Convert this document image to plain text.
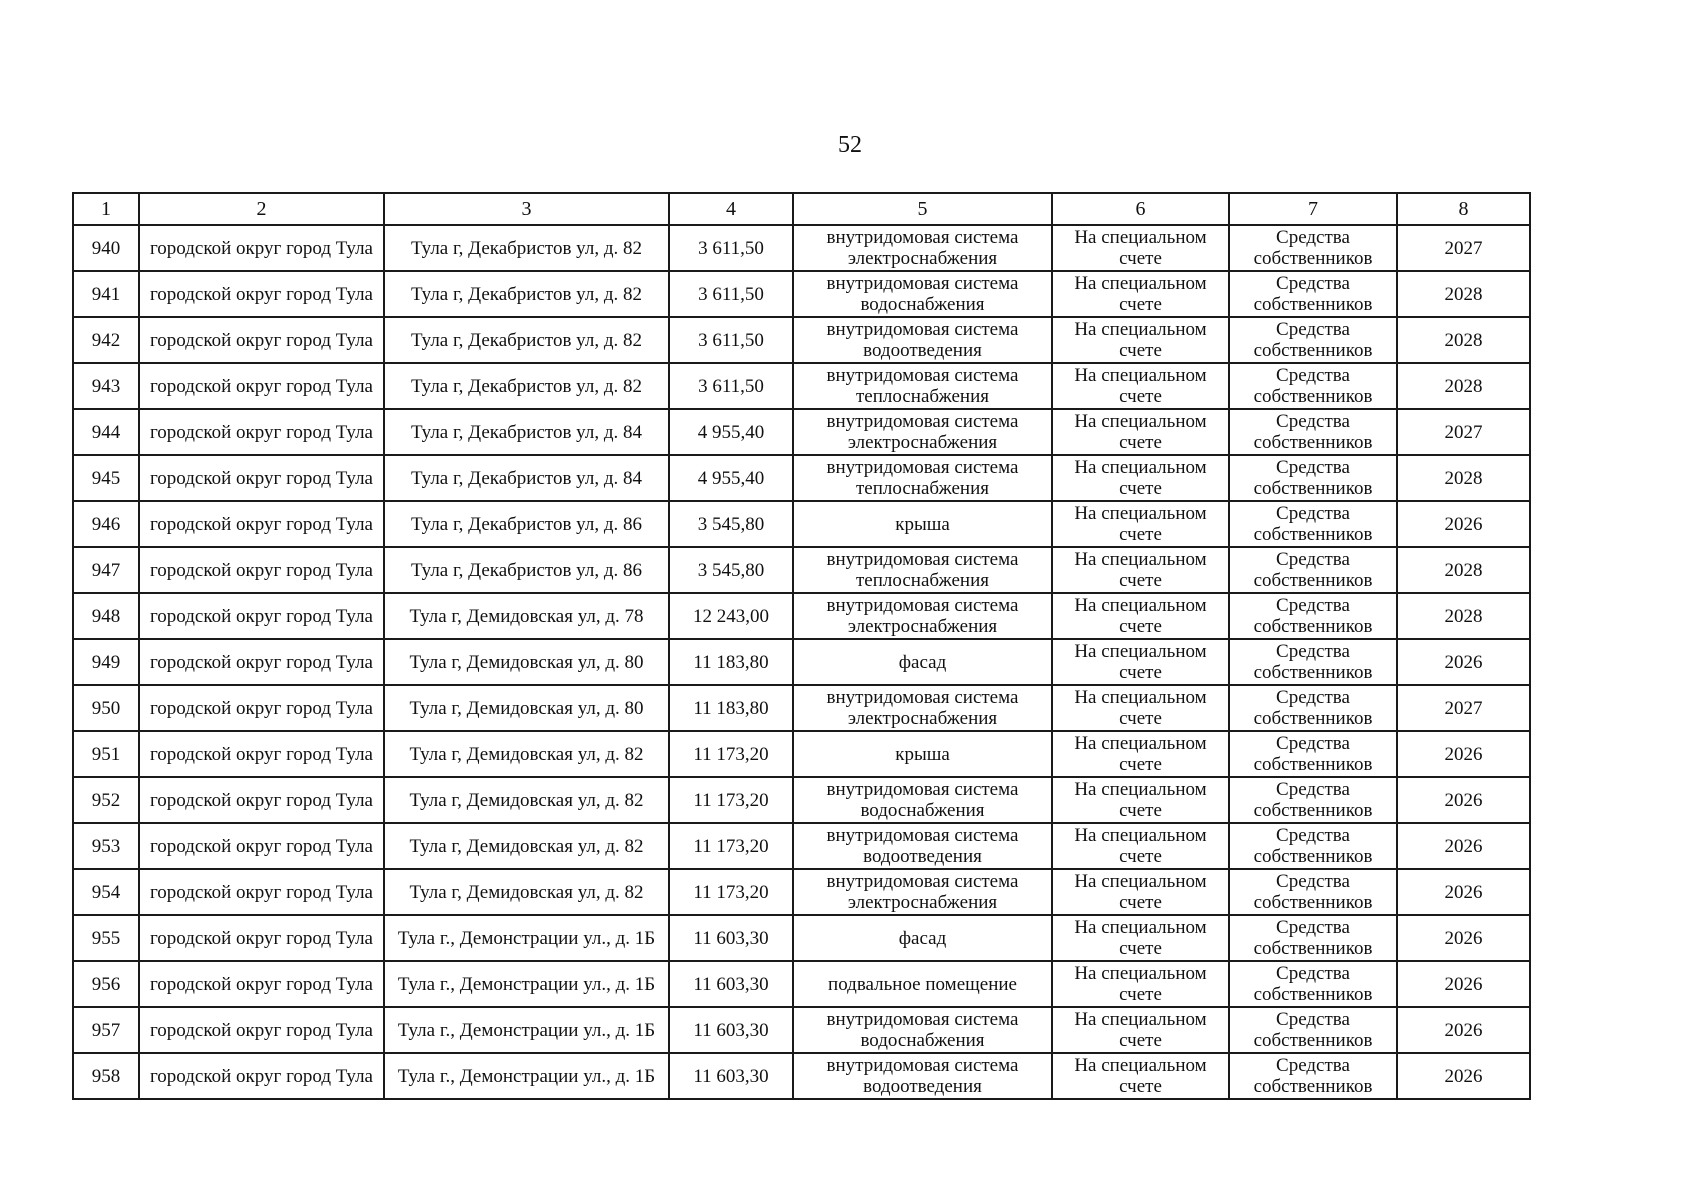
52
1	2	3	4	5	6	7	8
940	городской округ город Тула	Тула г, Декабристов ул, д. 82	3 611,50	внутридомовая система электроснабжения	На специальном счете	Средства собственников	2027
941	городской округ город Тула	Тула г, Декабристов ул, д. 82	3 611,50	внутридомовая система водоснабжения	На специальном счете	Средства собственников	2028
942	городской округ город Тула	Тула г, Декабристов ул, д. 82	3 611,50	внутридомовая система водоотведения	На специальном счете	Средства собственников	2028
943	городской округ город Тула	Тула г, Декабристов ул, д. 82	3 611,50	внутридомовая система теплоснабжения	На специальном счете	Средства собственников	2028
944	городской округ город Тула	Тула г, Декабристов ул, д. 84	4 955,40	внутридомовая система электроснабжения	На специальном счете	Средства собственников	2027
945	городской округ город Тула	Тула г, Декабристов ул, д. 84	4 955,40	внутридомовая система теплоснабжения	На специальном счете	Средства собственников	2028
946	городской округ город Тула	Тула г, Декабристов ул, д. 86	3 545,80	крыша	На специальном счете	Средства собственников	2026
947	городской округ город Тула	Тула г, Декабристов ул, д. 86	3 545,80	внутридомовая система теплоснабжения	На специальном счете	Средства собственников	2028
948	городской округ город Тула	Тула г, Демидовская ул, д. 78	12 243,00	внутридомовая система электроснабжения	На специальном счете	Средства собственников	2028
949	городской округ город Тула	Тула г, Демидовская ул, д. 80	11 183,80	фасад	На специальном счете	Средства собственников	2026
950	городской округ город Тула	Тула г, Демидовская ул, д. 80	11 183,80	внутридомовая система электроснабжения	На специальном счете	Средства собственников	2027
951	городской округ город Тула	Тула г, Демидовская ул, д. 82	11 173,20	крыша	На специальном счете	Средства собственников	2026
952	городской округ город Тула	Тула г, Демидовская ул, д. 82	11 173,20	внутридомовая система водоснабжения	На специальном счете	Средства собственников	2026
953	городской округ город Тула	Тула г, Демидовская ул, д. 82	11 173,20	внутридомовая система водоотведения	На специальном счете	Средства собственников	2026
954	городской округ город Тула	Тула г, Демидовская ул, д. 82	11 173,20	внутридомовая система электроснабжения	На специальном счете	Средства собственников	2026
955	городской округ город Тула	Тула г., Демонстрации ул., д. 1Б	11 603,30	фасад	На специальном счете	Средства собственников	2026
956	городской округ город Тула	Тула г., Демонстрации ул., д. 1Б	11 603,30	подвальное помещение	На специальном счете	Средства собственников	2026
957	городской округ город Тула	Тула г., Демонстрации ул., д. 1Б	11 603,30	внутридомовая система водоснабжения	На специальном счете	Средства собственников	2026
958	городской округ город Тула	Тула г., Демонстрации ул., д. 1Б	11 603,30	внутридомовая система водоотведения	На специальном счете	Средства собственников	2026
